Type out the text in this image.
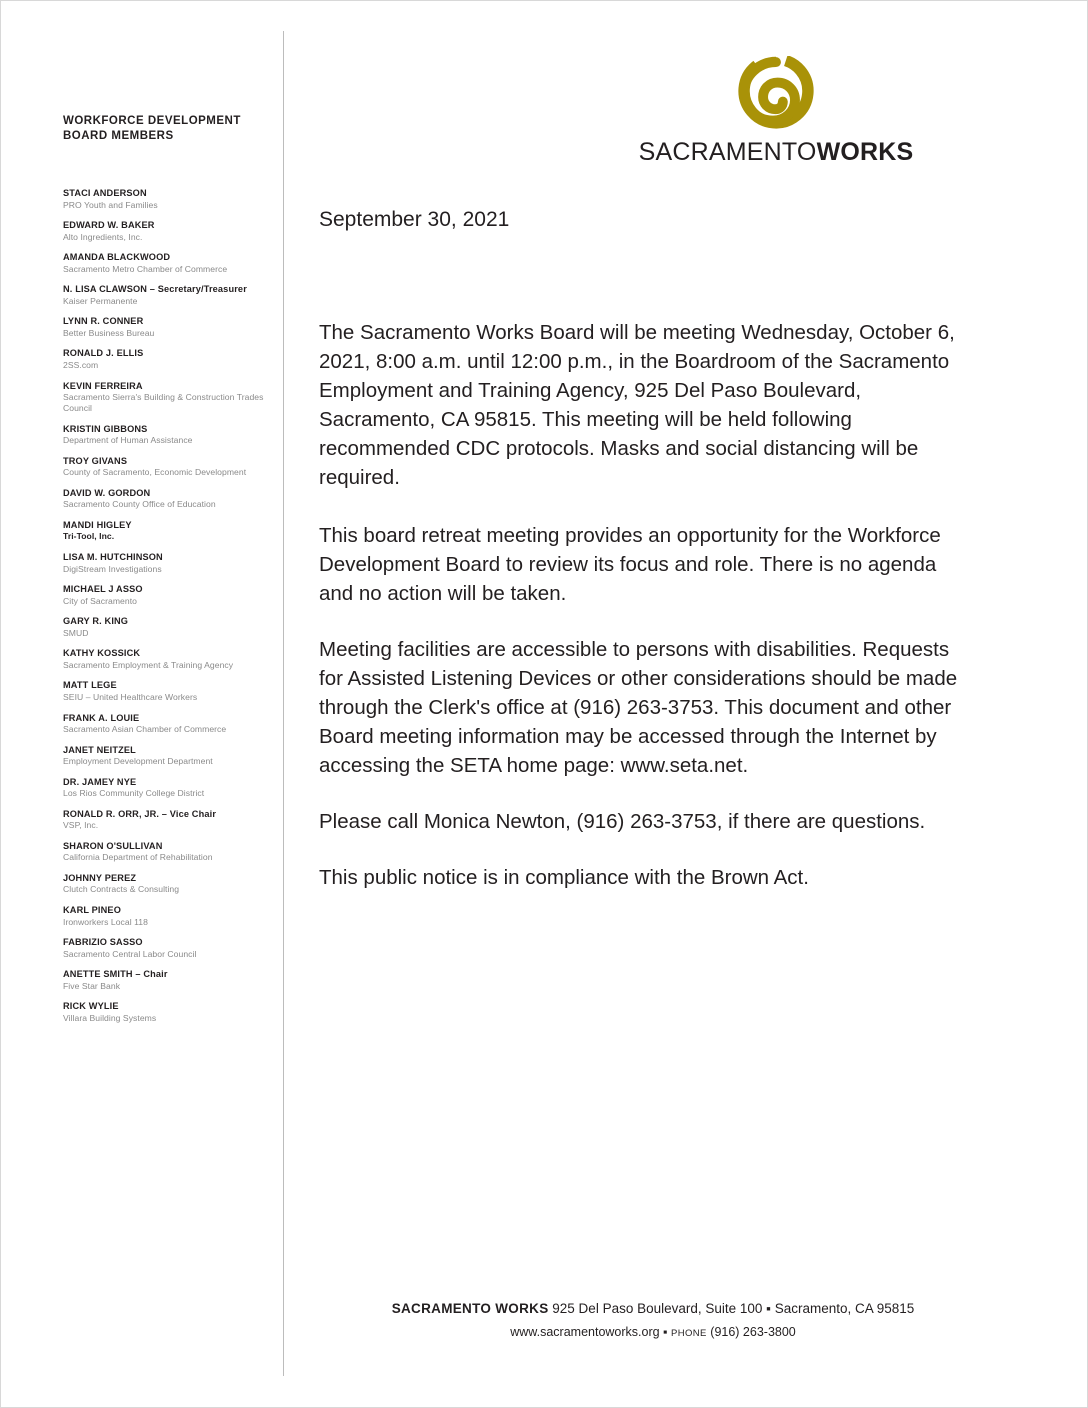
SACRAMENTOWORKS
WORKFORCE DEVELOPMENT
BOARD MEMBERS
STACI ANDERSON
PRO Youth and Families
EDWARD W. BAKER
Alto Ingredients, Inc.
AMANDA BLACKWOOD
Sacramento Metro Chamber of Commerce
N. LISA CLAWSON – Secretary/Treasurer
Kaiser Permanente
LYNN R. CONNER
Better Business Bureau
RONALD J. ELLIS
2SS.com
KEVIN FERREIRA
Sacramento Sierra's Building & Construction Trades Council
KRISTIN GIBBONS
Department of Human Assistance
TROY GIVANS
County of Sacramento, Economic Development
DAVID W. GORDON
Sacramento County Office of Education
MANDI HIGLEY
Tri-Tool, Inc.
LISA M. HUTCHINSON
DigiStream Investigations
MICHAEL J ASSO
City of Sacramento
GARY R. KING
SMUD
KATHY KOSSICK
Sacramento Employment & Training Agency
MATT LEGE
SEIU – United Healthcare Workers
FRANK A. LOUIE
Sacramento Asian Chamber of Commerce
JANET NEITZEL
Employment Development Department
DR. JAMEY NYE
Los Rios Community College District
RONALD R. ORR, JR. – Vice Chair
VSP, Inc.
SHARON O'SULLIVAN
California Department of Rehabilitation
JOHNNY PEREZ
Clutch Contracts & Consulting
KARL PINEO
Ironworkers Local 118
FABRIZIO SASSO
Sacramento Central Labor Council
ANETTE SMITH – Chair
Five Star Bank
RICK WYLIE
Villara Building Systems
September 30, 2021

The Sacramento Works Board will be meeting Wednesday, October 6, 2021, 8:00 a.m. until 12:00 p.m., in the Boardroom of the Sacramento Employment and Training Agency, 925 Del Paso Boulevard, Sacramento, CA 95815. This meeting will be held following recommended CDC protocols. Masks and social distancing will be required.

This board retreat meeting provides an opportunity for the Workforce Development Board to review its focus and role. There is no agenda and no action will be taken.

Meeting facilities are accessible to persons with disabilities. Requests for Assisted Listening Devices or other considerations should be made through the Clerk's office at (916) 263-3753. This document and other Board meeting information may be accessed through the Internet by accessing the SETA home page: www.seta.net.

Please call Monica Newton, (916) 263-3753, if there are questions.

This public notice is in compliance with the Brown Act.

SACRAMENTO WORKS 925 Del Paso Boulevard, Suite 100 ▪ Sacramento, CA 95815
www.sacramentoworks.org ▪ PHONE (916) 263-3800
